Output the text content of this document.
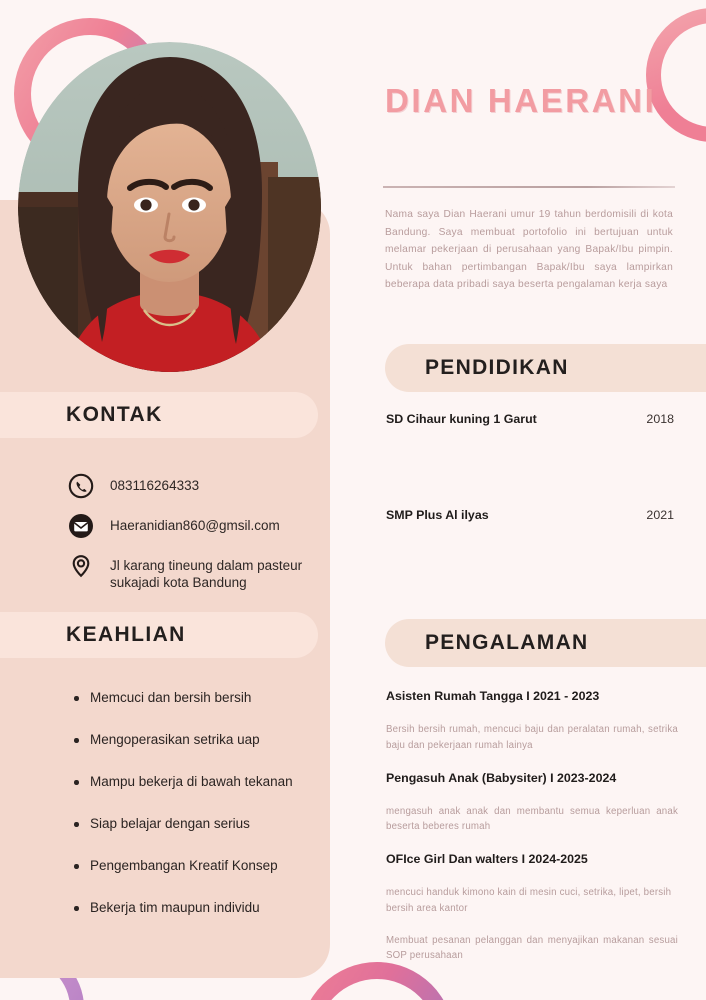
KONTAK
083116264333
Haeranidian860@gmsil.com
Jl karang tineung dalam pasteur sukajadi kota Bandung
KEAHLIAN
Memcuci dan bersih bersih
Mengoperasikan setrika uap
Mampu bekerja di bawah tekanan
Siap belajar dengan serius
Pengembangan Kreatif Konsep
Bekerja tim maupun individu
DIAN HAERANI
Nama saya Dian Haerani umur 19 tahun berdomisili di kota Bandung. Saya membuat portofolio ini bertujuan untuk melamar pekerjaan di perusahaan yang Bapak/Ibu pimpin. Untuk bahan pertimbangan Bapak/Ibu saya lampirkan beberapa data pribadi saya beserta pengalaman kerja saya
PENDIDIKAN
SD Cihaur kuning 1 Garut	2018
SMP Plus Al ilyas	2021
PENGALAMAN
Asisten Rumah Tangga I 2021 - 2023
Bersih bersih rumah, mencuci baju dan peralatan rumah, setrika baju dan pekerjaan rumah lainya
Pengasuh Anak (Babysiter) I 2023-2024
mengasuh anak anak dan membantu semua keperluan anak beserta beberes rumah
OFIce Girl Dan walters I 2024-2025
mencuci handuk kimono kain di mesin cuci, setrika, lipet, bersih bersih area kantor
Membuat pesanan pelanggan dan menyajikan makanan sesuai SOP perusahaan
